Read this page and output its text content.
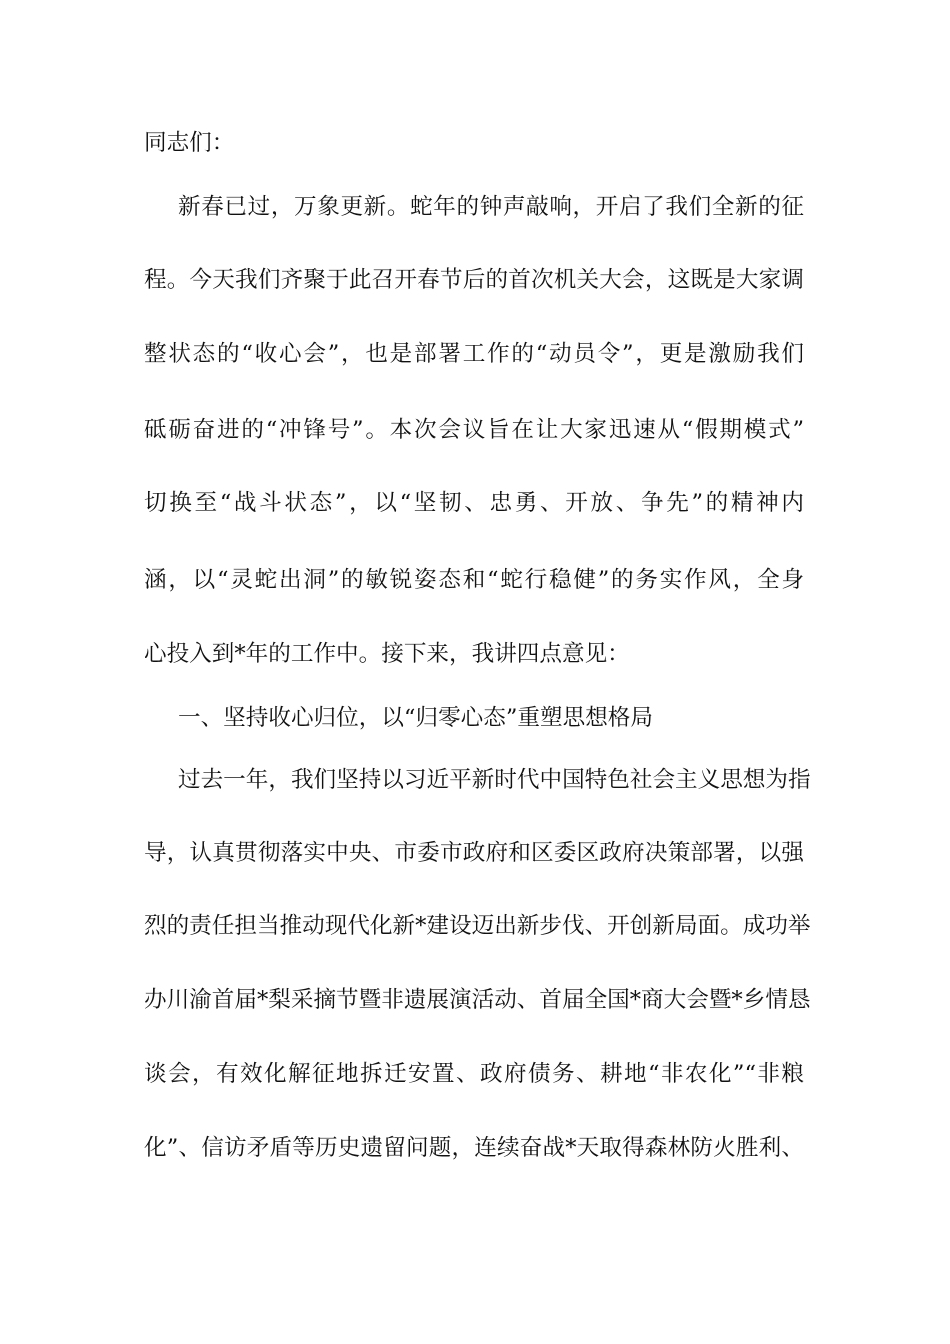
同志们：
新春已过，万象更新。蛇年的钟声敲响，开启了我们全新的征
程。今天我们齐聚于此召开春节后的首次机关大会，这既是大家调
整状态的“收心会”，也是部署工作的“动员令”，更是激励我们
砥砺奋进的“冲锋号”。本次会议旨在让大家迅速从“假期模式”
切换至“战斗状态”，以“坚韧、忠勇、开放、争先”的精神内
涵，以“灵蛇出洞”的敏锐姿态和“蛇行稳健”的务实作风，全身
心投入到*年的工作中。接下来，我讲四点意见：
一、坚持收心归位，以“归零心态”重塑思想格局
过去一年，我们坚持以习近平新时代中国特色社会主义思想为指
导，认真贯彻落实中央、市委市政府和区委区政府决策部署，以强
烈的责任担当推动现代化新*建设迈出新步伐、开创新局面。成功举
办川渝首届*梨采摘节暨非遗展演活动、首届全国*商大会暨*乡情恳
谈会，有效化解征地拆迁安置、政府债务、耕地“非农化”“非粮
化”、信访矛盾等历史遗留问题，连续奋战*天取得森林防火胜利、
